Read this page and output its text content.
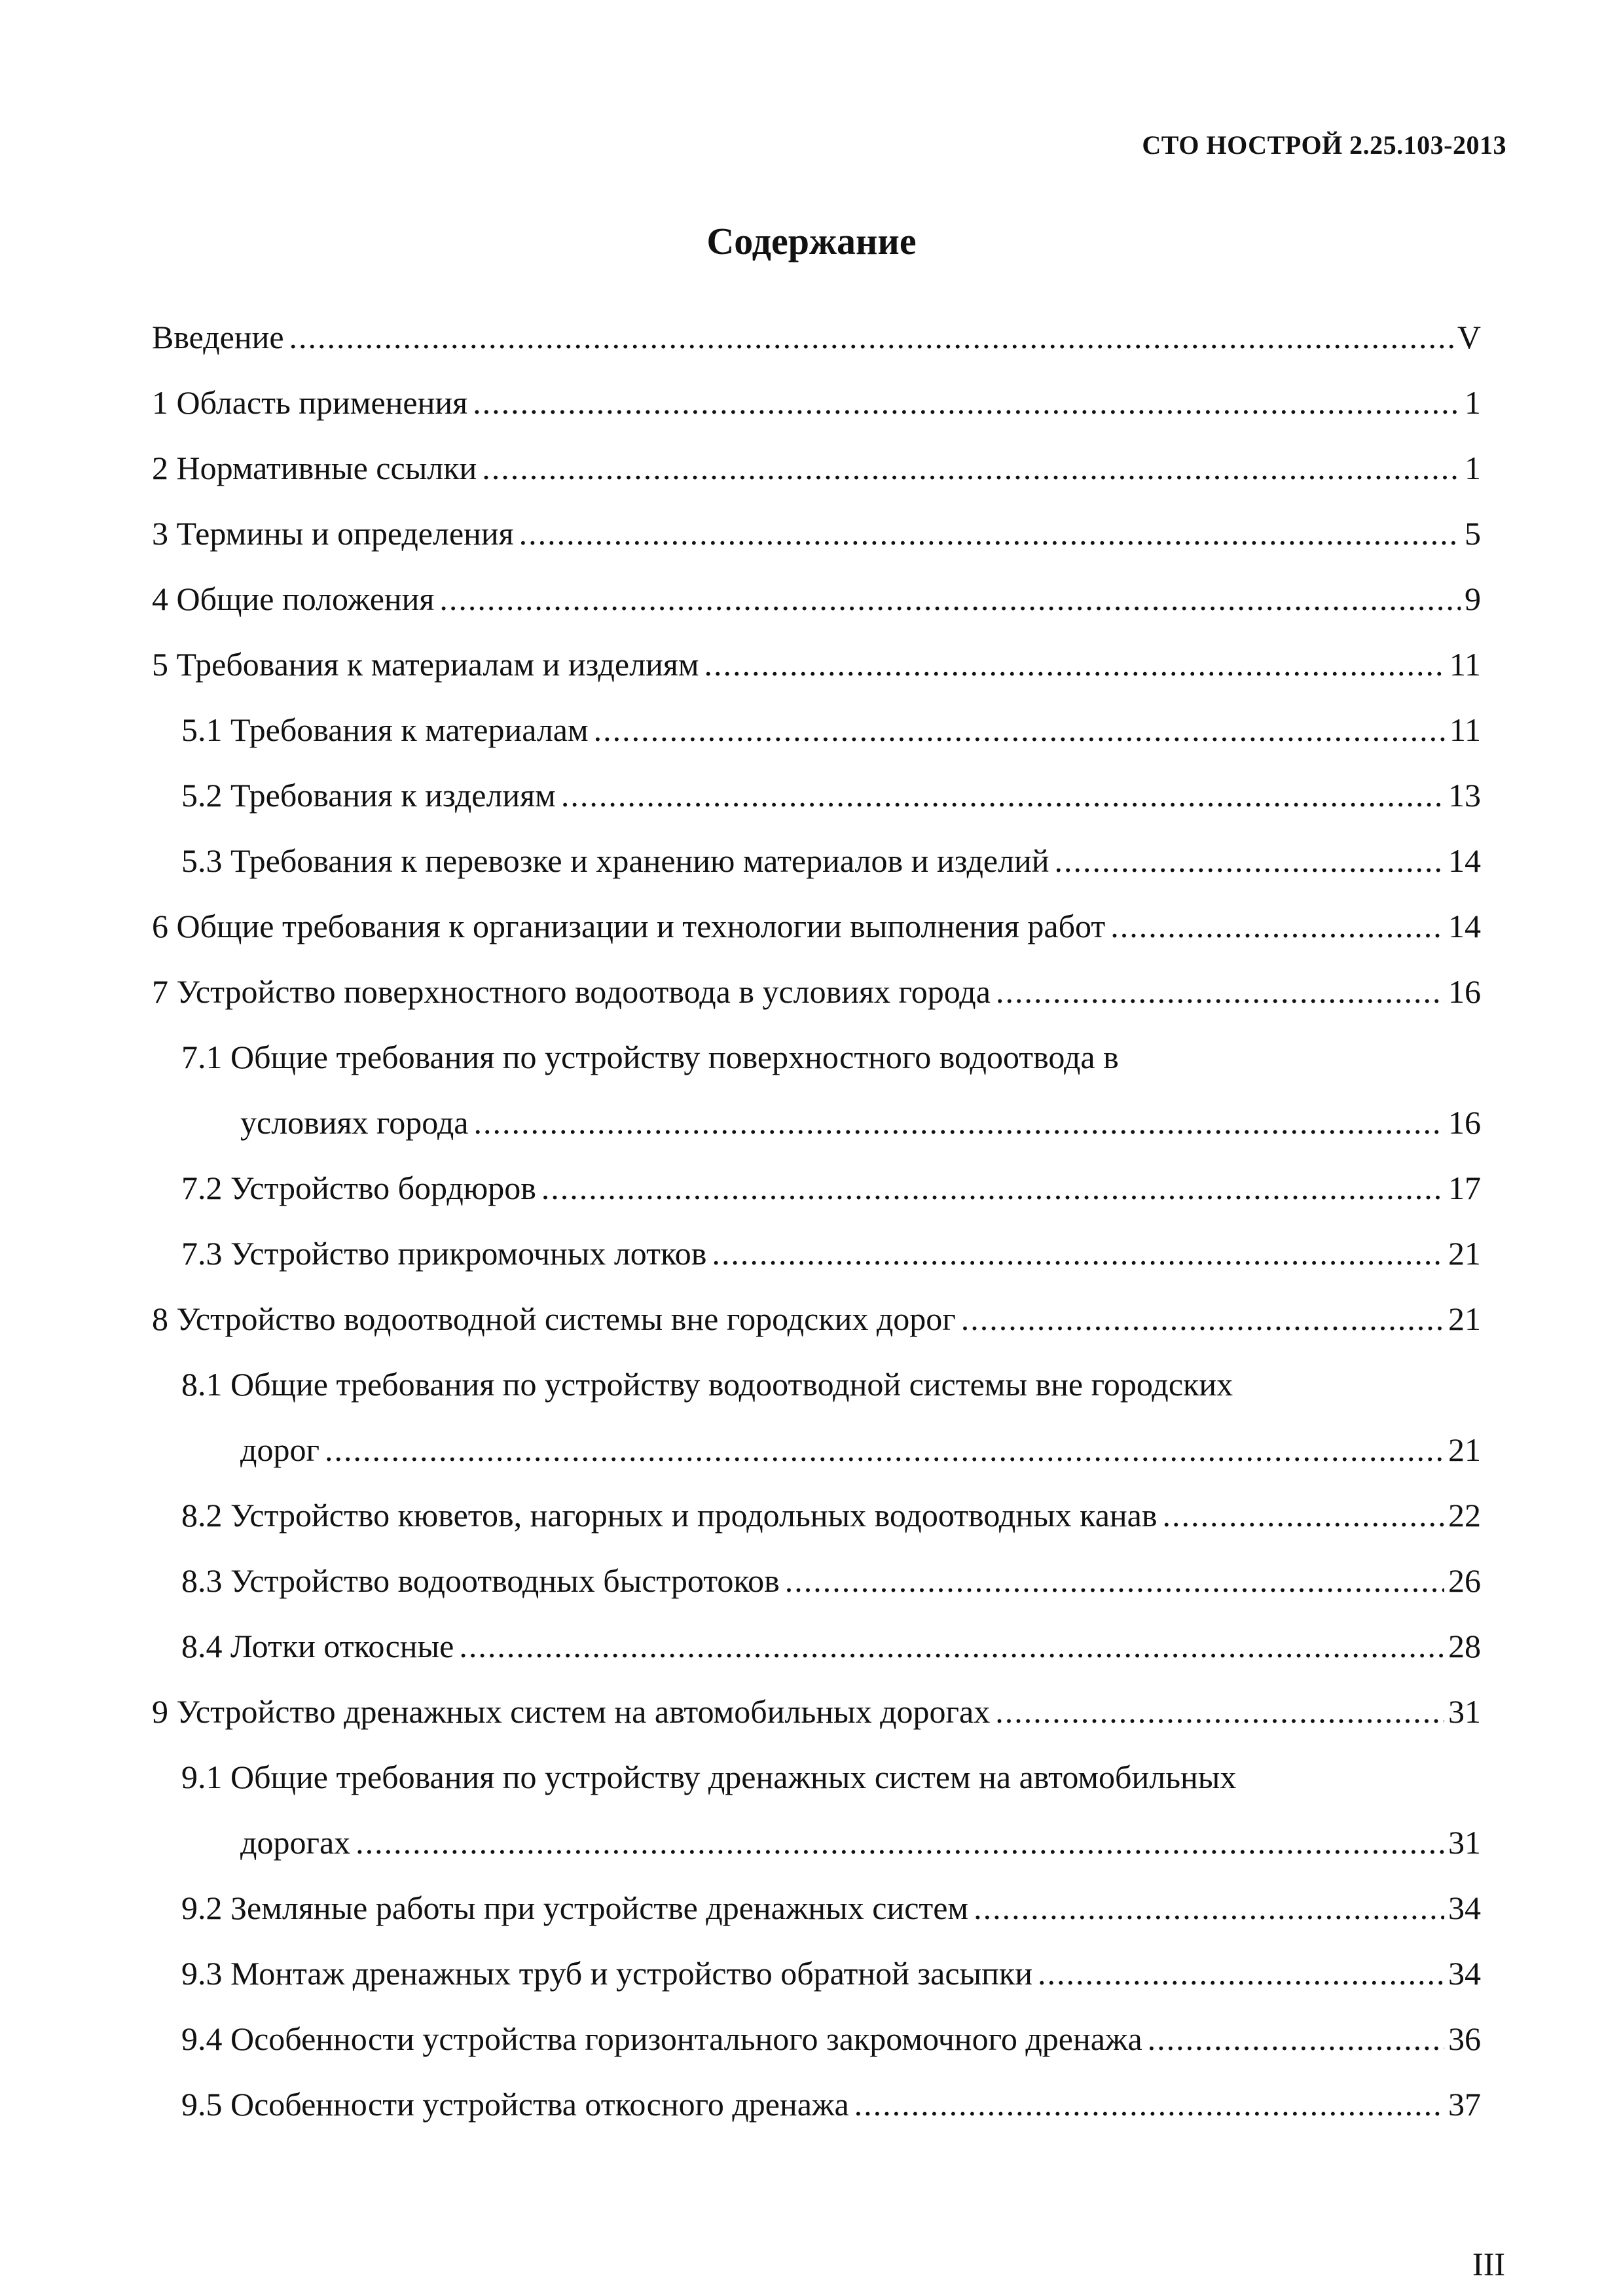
СТО НОСТРОЙ 2.25.103-2013
Содержание
Введение .....	V
1 Область применения .....	1
2 Нормативные ссылки .....	1
3 Термины и определения .....	5
4 Общие положения .....	9
5 Требования к материалам и изделиям .....	11
5.1 Требования к материалам .....	11
5.2 Требования к изделиям .....	13
5.3 Требования к перевозке и хранению материалов и изделий .....	14
6 Общие требования к организации и технологии выполнения работ .....	14
7 Устройство поверхностного водоотвода в условиях города .....	16
7.1 Общие требования по устройству поверхностного водоотвода в
условиях города .....	16
7.2 Устройство бордюров .....	17
7.3 Устройство прикромочных лотков .....	21
8 Устройство водоотводной системы вне городских дорог .....	21
8.1 Общие требования по устройству водоотводной системы вне городских
дорог .....	21
8.2 Устройство кюветов, нагорных и продольных водоотводных канав .....	22
8.3 Устройство водоотводных быстротоков .....	26
8.4 Лотки откосные .....	28
9 Устройство дренажных систем на автомобильных дорогах .....	31
9.1 Общие требования по устройству дренажных систем на автомобильных
дорогах .....	31
9.2 Земляные работы при устройстве дренажных систем .....	34
9.3 Монтаж дренажных труб и устройство обратной засыпки .....	34
9.4 Особенности устройства горизонтального закромочного дренажа .....	36
9.5 Особенности устройства откосного дренажа .....	37
III
